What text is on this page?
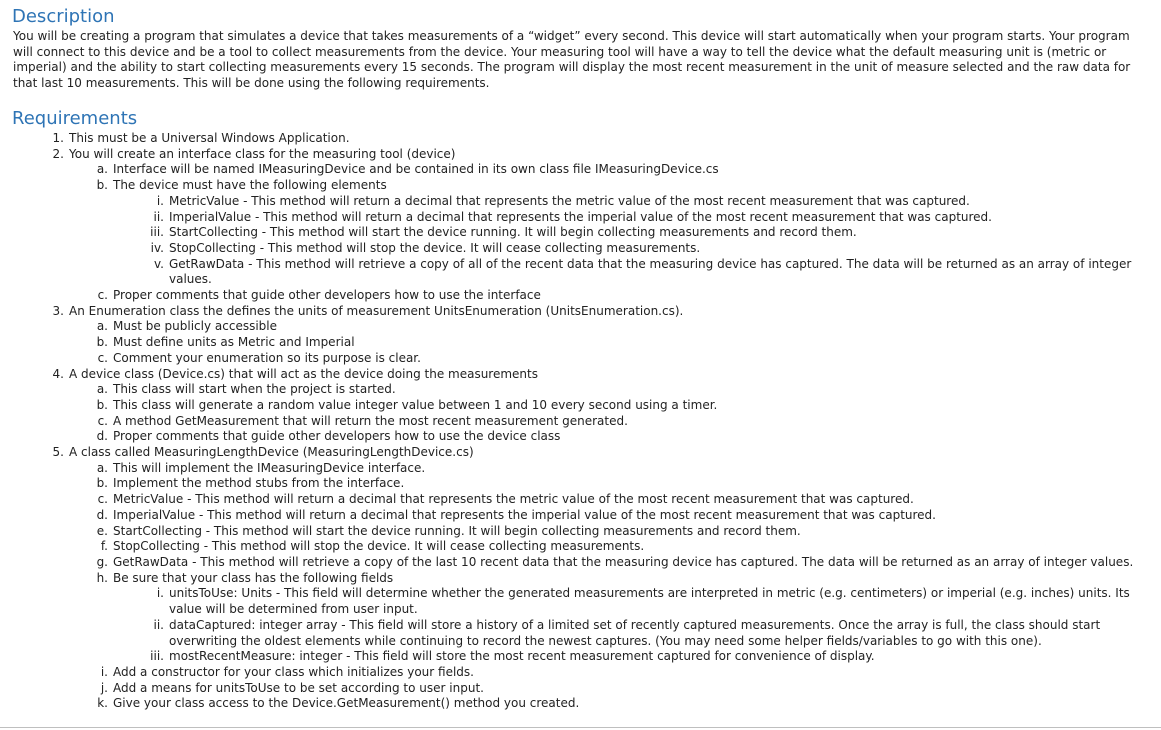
Description

You will be creating a program that simulates a device that takes measurements of a “widget” every second. This device will start automatically when your program starts. Your program will connect to this device and be a tool to collect measurements from the device. Your measuring tool will have a way to tell the device what the default measuring unit is (metric or imperial) and the ability to start collecting measurements every 15 seconds. The program will display the most recent measurement in the unit of measure selected and the raw data for that last 10 measurements. This will be done using the following requirements.

Requirements
1. This must be a Universal Windows Application.
2. You will create an interface class for the measuring tool (device)
a. Interface will be named IMeasuringDevice and be contained in its own class file IMeasuringDevice.cs
b. The device must have the following elements
i. MetricValue - This method will return a decimal that represents the metric value of the most recent measurement that was captured.
ii. ImperialValue - This method will return a decimal that represents the imperial value of the most recent measurement that was captured.
iii. StartCollecting - This method will start the device running. It will begin collecting measurements and record them.
iv. StopCollecting - This method will stop the device. It will cease collecting measurements.
v. GetRawData - This method will retrieve a copy of all of the recent data that the measuring device has captured. The data will be returned as an array of integer values.
c. Proper comments that guide other developers how to use the interface
3. An Enumeration class the defines the units of measurement UnitsEnumeration (UnitsEnumeration.cs).
a. Must be publicly accessible
b. Must define units as Metric and Imperial
c. Comment your enumeration so its purpose is clear.
4. A device class (Device.cs) that will act as the device doing the measurements
a. This class will start when the project is started.
b. This class will generate a random value integer value between 1 and 10 every second using a timer.
c. A method GetMeasurement that will return the most recent measurement generated.
d. Proper comments that guide other developers how to use the device class
5. A class called MeasuringLengthDevice (MeasuringLengthDevice.cs)
a. This will implement the IMeasuringDevice interface.
b. Implement the method stubs from the interface.
c. MetricValue - This method will return a decimal that represents the metric value of the most recent measurement that was captured.
d. ImperialValue - This method will return a decimal that represents the imperial value of the most recent measurement that was captured.
e. StartCollecting - This method will start the device running. It will begin collecting measurements and record them.
f. StopCollecting - This method will stop the device. It will cease collecting measurements.
g. GetRawData - This method will retrieve a copy of the last 10 recent data that the measuring device has captured. The data will be returned as an array of integer values.
h. Be sure that your class has the following fields
i. unitsToUse: Units - This field will determine whether the generated measurements are interpreted in metric (e.g. centimeters) or imperial (e.g. inches) units. Its value will be determined from user input.
ii. dataCaptured: integer array - This field will store a history of a limited set of recently captured measurements. Once the array is full, the class should start overwriting the oldest elements while continuing to record the newest captures. (You may need some helper fields/variables to go with this one).
iii. mostRecentMeasure: integer - This field will store the most recent measurement captured for convenience of display.
i. Add a constructor for your class which initializes your fields.
j. Add a means for unitsToUse to be set according to user input.
k. Give your class access to the Device.GetMeasurement() method you created.
